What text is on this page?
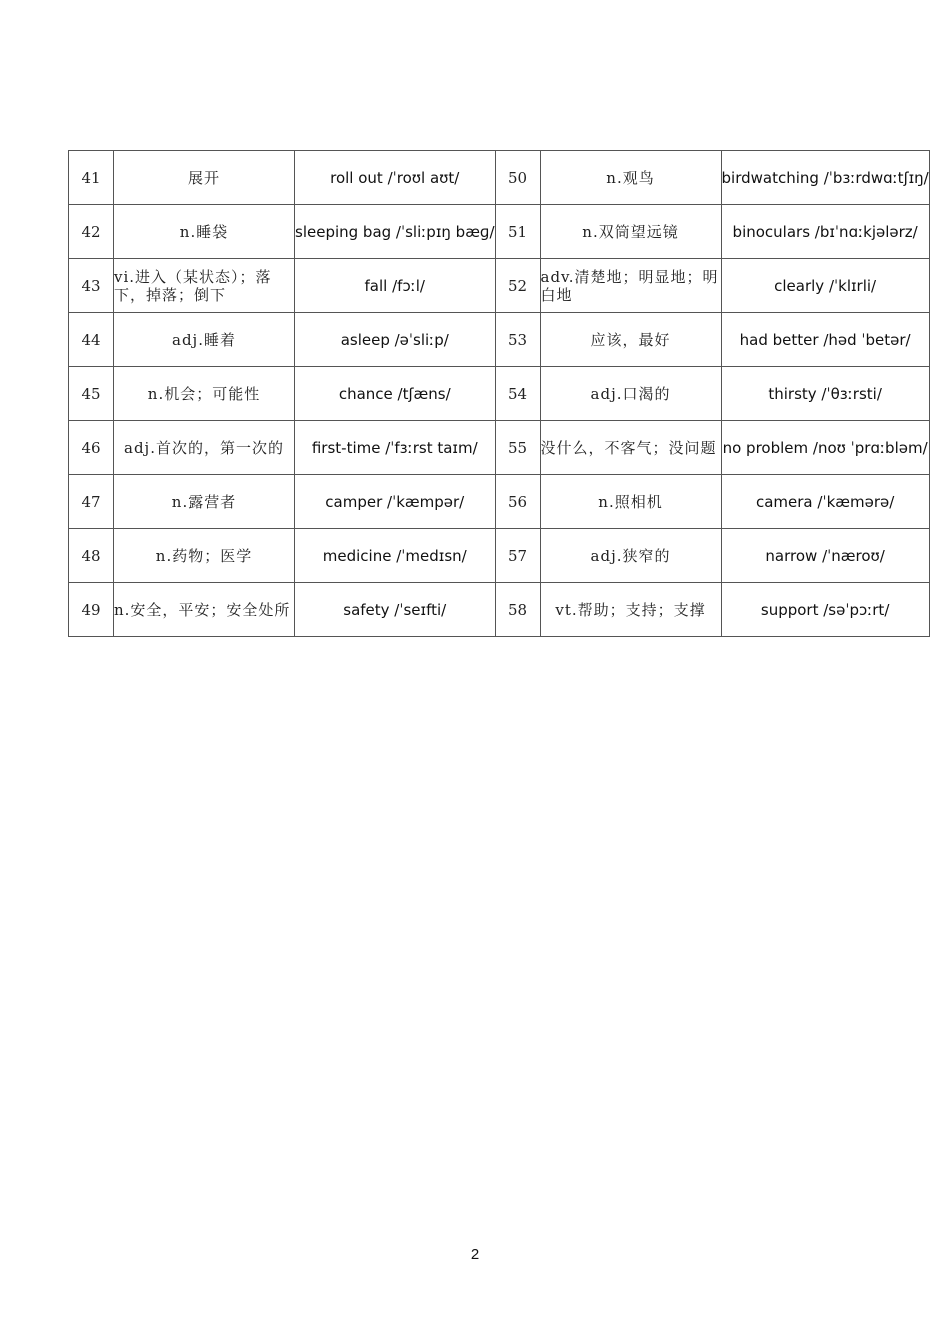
41	展开	roll out /ˈroʊl aʊt/	50	n.观鸟	birdwatching /ˈbɜːrdwɑːtʃɪŋ/
42	n.睡袋	sleeping bag /ˈsliːpɪŋ bæɡ/	51	n.双筒望远镜	binoculars /bɪˈnɑːkjələrz/
43	vi.进入（某状态）；落下，掉落；倒下	fall /fɔːl/	52	adv.清楚地；明显地；明白地	clearly /ˈklɪrli/
44	adj.睡着	asleep /əˈsliːp/	53	应该，最好	had better /həd ˈbetər/
45	n.机会；可能性	chance /tʃæns/	54	adj.口渴的	thirsty /ˈθɜːrsti/
46	adj.首次的，第一次的	first-time /ˈfɜːrst taɪm/	55	没什么，不客气；没问题	no problem /noʊ ˈprɑːbləm/
47	n.露营者	camper /ˈkæmpər/	56	n.照相机	camera /ˈkæmərə/
48	n.药物；医学	medicine /ˈmedɪsn/	57	adj.狭窄的	narrow /ˈnæroʊ/
49	n.安全，平安；安全处所	safety /ˈseɪfti/	58	vt.帮助；支持；支撑	support /səˈpɔːrt/
2
